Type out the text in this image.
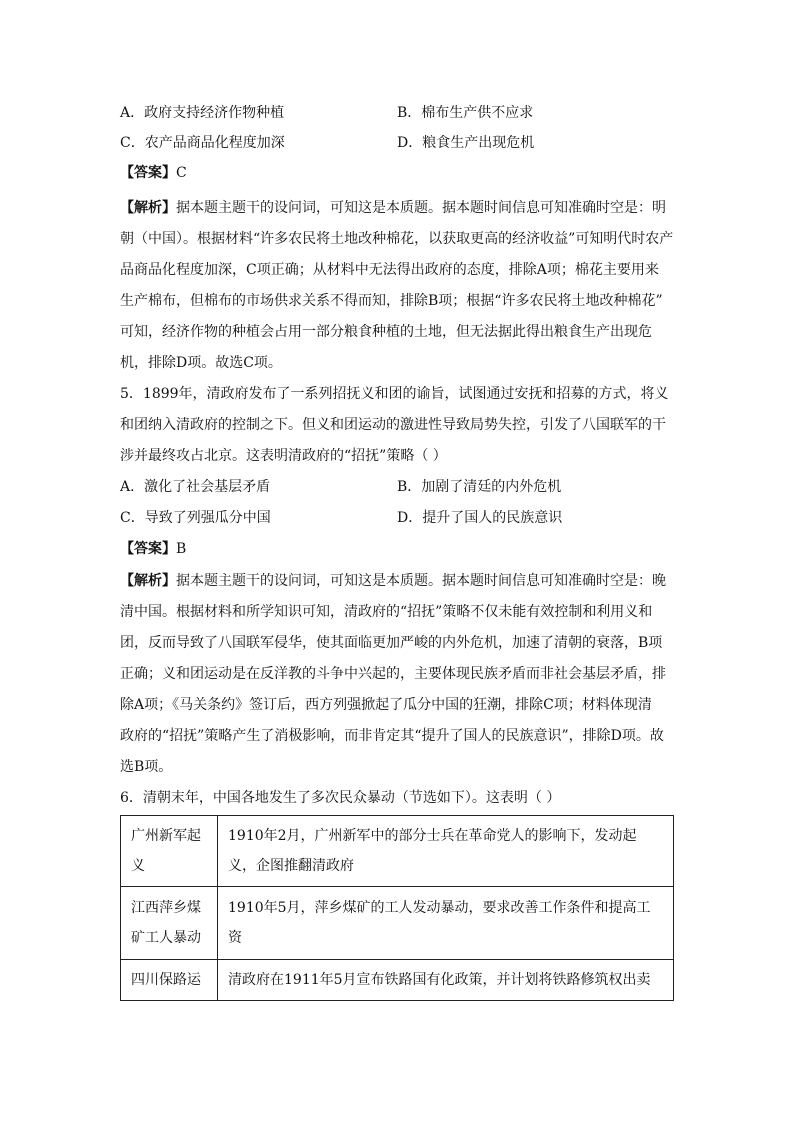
A．政府支持经济作物种植	B．棉布生产供不应求
C．农产品商品化程度加深	D．粮食生产出现危机
【答案】C
【解析】据本题主题干的设问词，可知这是本质题。据本题时间信息可知准确时空是：明
朝（中国）。根据材料“许多农民将土地改种棉花，以获取更高的经济收益”可知明代时农产
品商品化程度加深，C项正确；从材料中无法得出政府的态度，排除A项；棉花主要用来
生产棉布，但棉布的市场供求关系不得而知，排除B项；根据“许多农民将土地改种棉花”
可知，经济作物的种植会占用一部分粮食种植的土地，但无法据此得出粮食生产出现危
机，排除D项。故选C项。
5．1899年，清政府发布了一系列招抚义和团的谕旨，试图通过安抚和招募的方式，将义
和团纳入清政府的控制之下。但义和团运动的激进性导致局势失控，引发了八国联军的干
涉并最终攻占北京。这表明清政府的“招抚”策略（ ）
A．激化了社会基层矛盾	B．加剧了清廷的内外危机
C．导致了列强瓜分中国	D．提升了国人的民族意识
【答案】B
【解析】据本题主题干的设问词，可知这是本质题。据本题时间信息可知准确时空是：晚
清中国。根据材料和所学知识可知，清政府的“招抚”策略不仅未能有效控制和利用义和
团，反而导致了八国联军侵华，使其面临更加严峻的内外危机，加速了清朝的衰落，B项
正确；义和团运动是在反洋教的斗争中兴起的，主要体现民族矛盾而非社会基层矛盾，排
除A项；《马关条约》签订后，西方列强掀起了瓜分中国的狂潮，排除C项；材料体现清
政府的“招抚”策略产生了消极影响，而非肯定其“提升了国人的民族意识”，排除D项。故
选B项。
6．清朝末年，中国各地发生了多次民众暴动（节选如下）。这表明（ ）
广州新军起义	1910年2月，广州新军中的部分士兵在革命党人的影响下，发动起义，企图推翻清政府

江西萍乡煤矿工人暴动	1910年5月，萍乡煤矿的工人发动暴动，要求改善工作条件和提高工资

四川保路运	清政府在1911年5月宣布铁路国有化政策，并计划将铁路修筑权出卖
